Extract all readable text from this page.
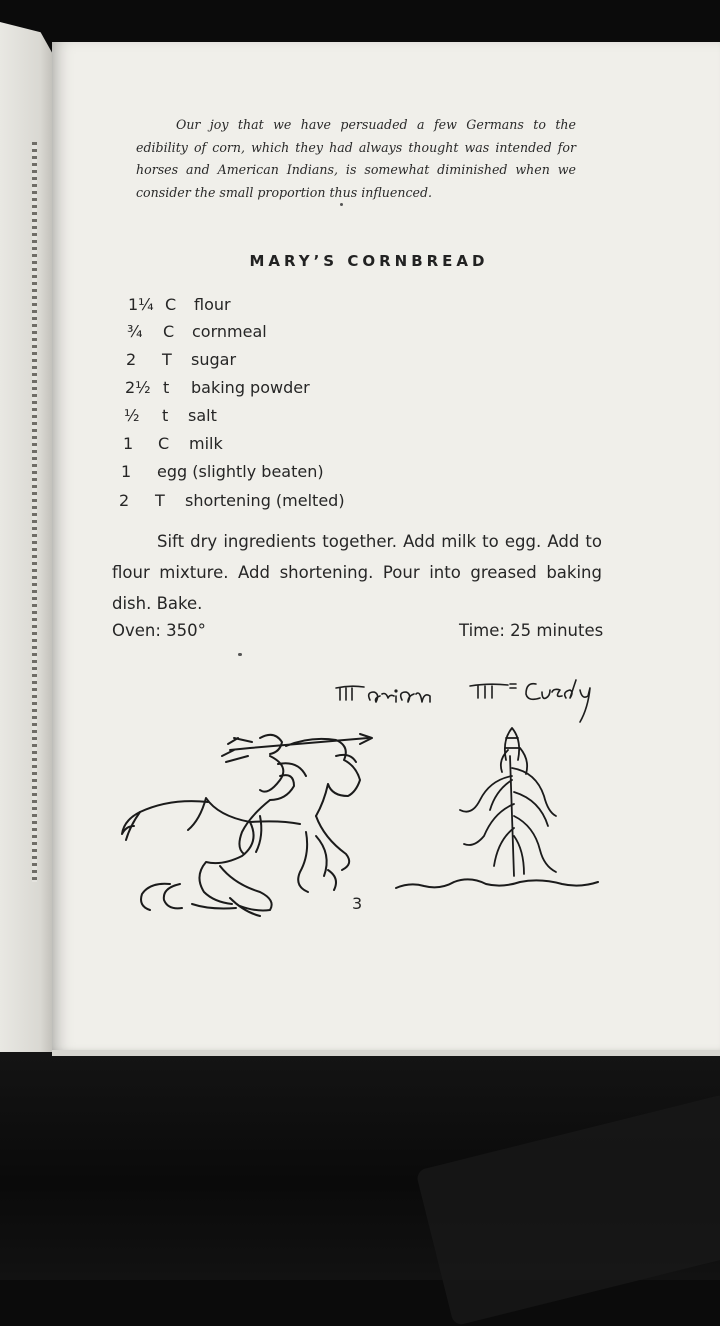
Our joy that we have persuaded a few Germans to the edibility of corn, which they had always thought was intended for horses and American Indians, is somewhat diminished when we consider the small proportion thus influenced.

MARY’S CORNBREAD
1¼ C flour
¾ C cornmeal
2 T sugar
2½ t baking powder
½ t salt
1 C milk
1 egg (slightly beaten)
2 T shortening (melted)

Sift dry ingredients together. Add milk to egg. Add to flour mixture. Add shortening. Pour into greased baking dish. Bake.

Oven: 350°	Time: 25 minutes
3
